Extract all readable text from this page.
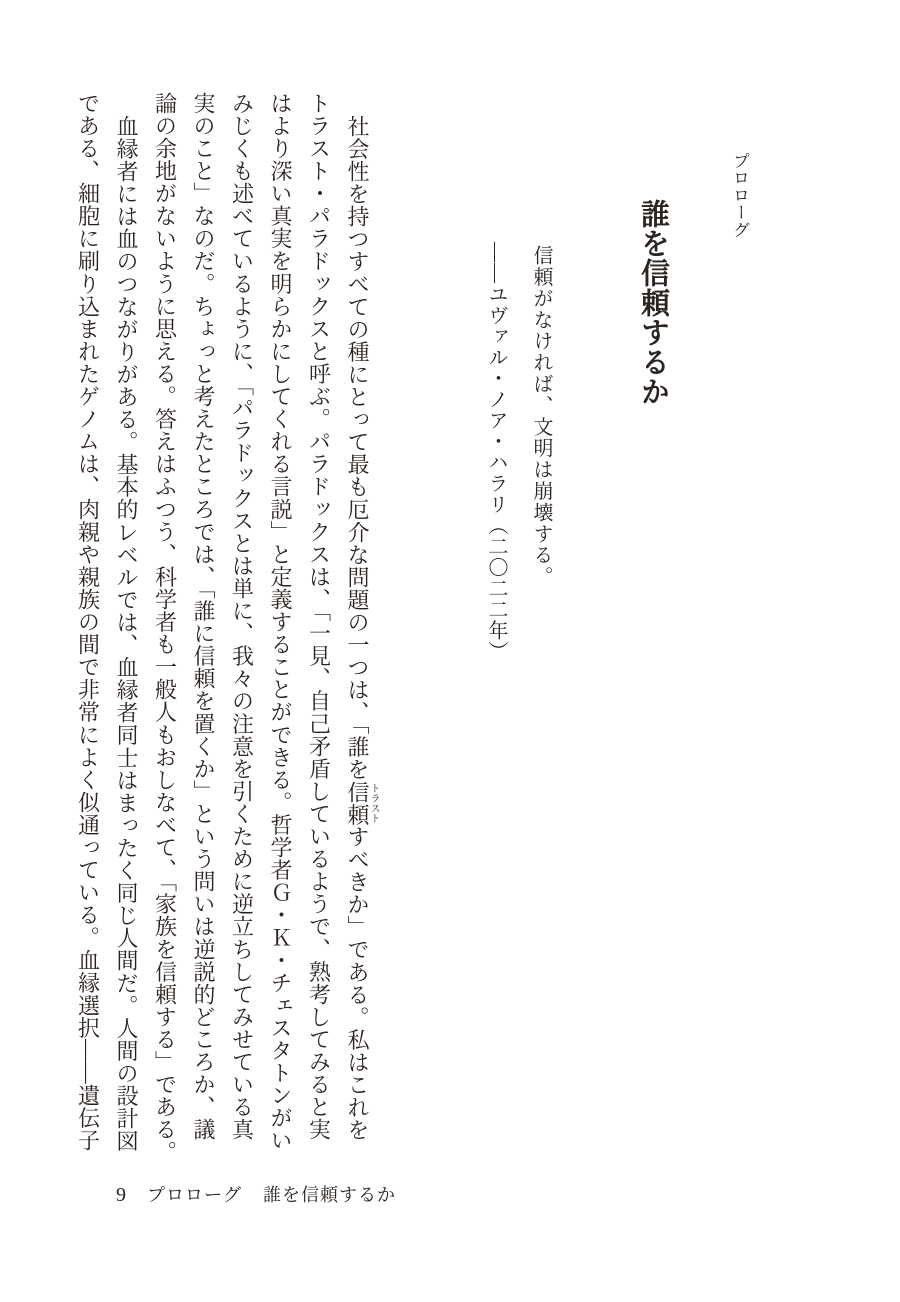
プロローグ
誰を信頼するか
信頼がなければ、文明は崩壊する。
――ユヴァル・ノア・ハラリ（二〇二二年）
社会性を持つすべての種にとって最も厄介な問題の一つは、「誰を信頼トラストすべきか」である。私はこれを
トラスト・パラドックスと呼ぶ。パラドックスは、「一見、自己矛盾しているようで、熟考してみると実
はより深い真実を明らかにしてくれる言説」と定義することができる。哲学者Ｇ・Ｋ・チェスタトンがい
みじくも述べているように、「パラドックスとは単に、我々の注意を引くために逆立ちしてみせている真
実のこと」なのだ。ちょっと考えたところでは、「誰に信頼を置くか」という問いは逆説的どころか、議
論の余地がないように思える。答えはふつう、科学者も一般人もおしなべて、「家族を信頼する」である。
血縁者には血のつながりがある。基本的レベルでは、血縁者同士はまったく同じ人間だ。人間の設計図
である、細胞に刷り込まれたゲノムは、肉親や親族の間で非常によく似通っている。血縁選択――遺伝子
9 プロローグ 誰を信頼するか
